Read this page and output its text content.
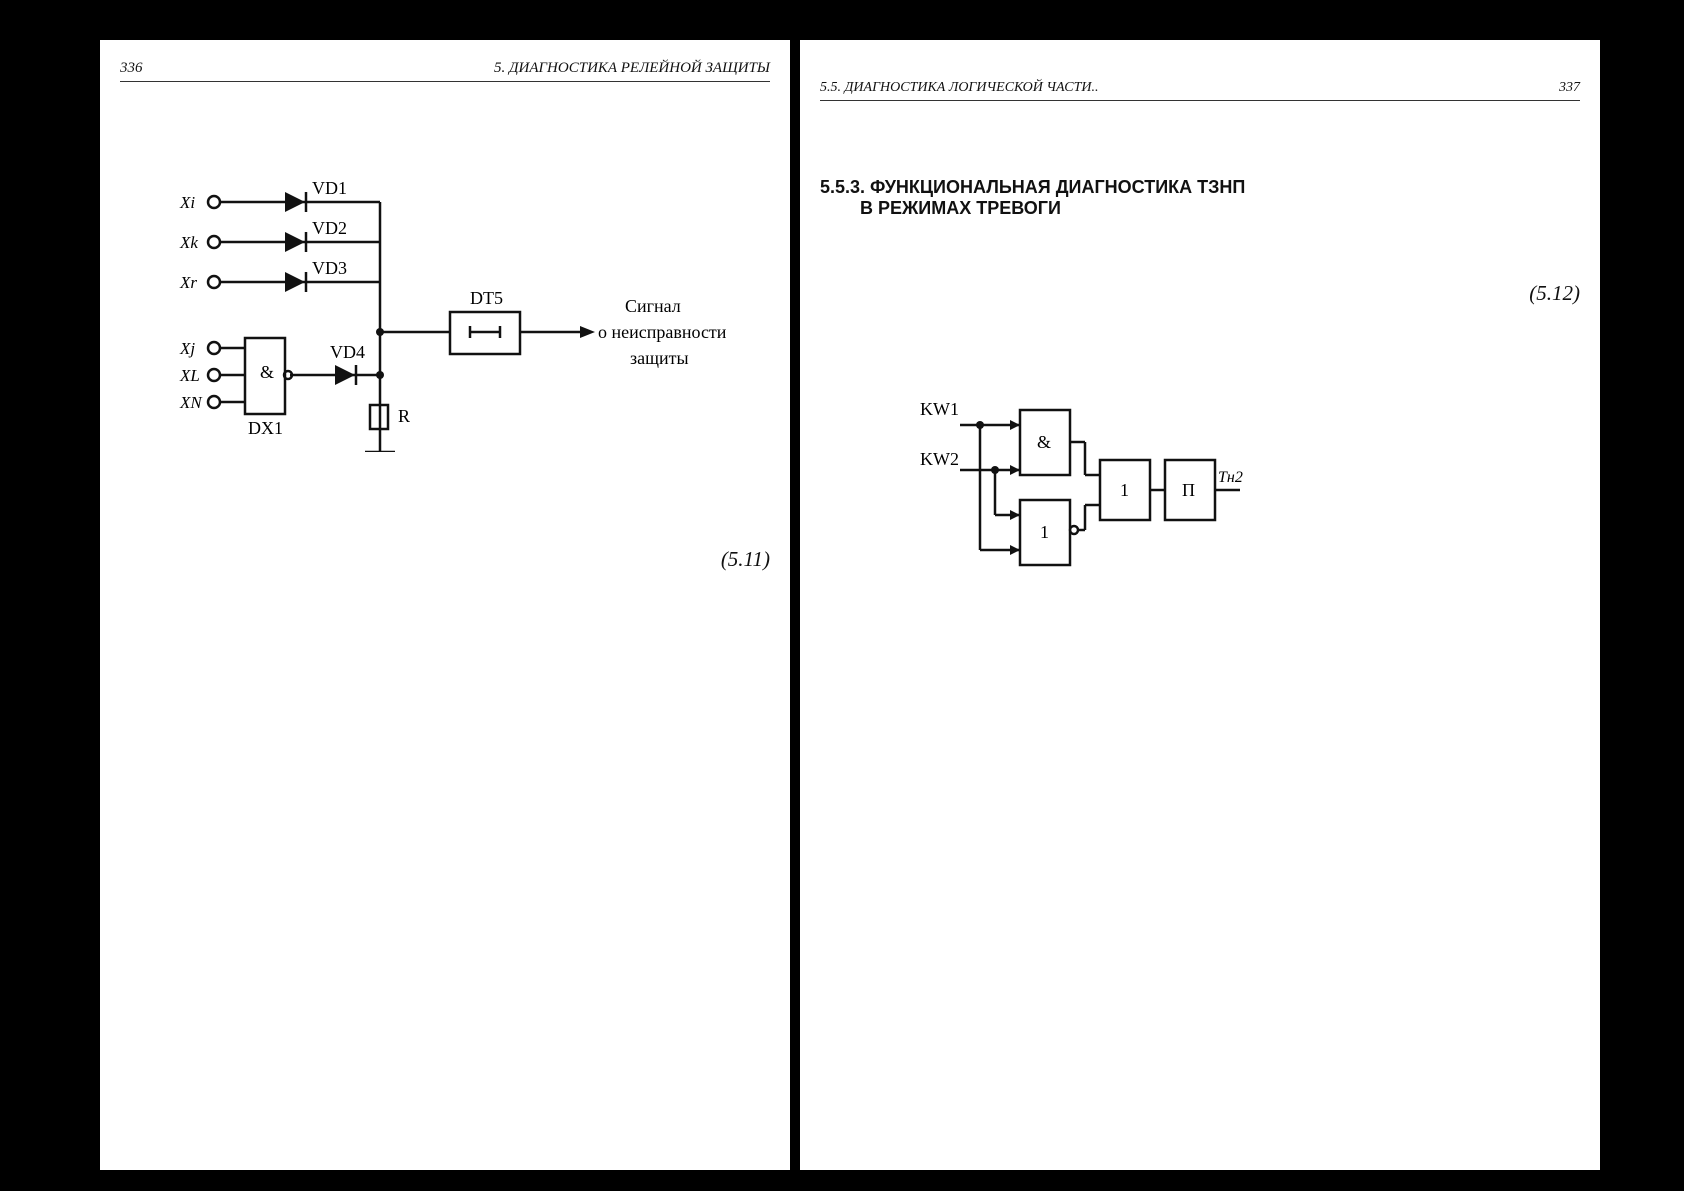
336	5. ДИАГНОСТИКА РЕЛЕЙНОЙ ЗАЩИТЫ

VD1
VD2
VD3
VD4
DT5
DX1
&
R
Xi
Xk
Xr
Xj
XL
XN
Сигнал
о неисправности
защиты

(5.11)

5.5. ДИАГНОСТИКА ЛОГИЧЕСКОЙ ЧАСТИ..	337

5.5.3. ФУНКЦИОНАЛЬНАЯ ДИАГНОСТИКА ТЗНП
В РЕЖИМАХ ТРЕВОГИ

(5.12)

KW1
KW2
&
1
1	П
Тн2
